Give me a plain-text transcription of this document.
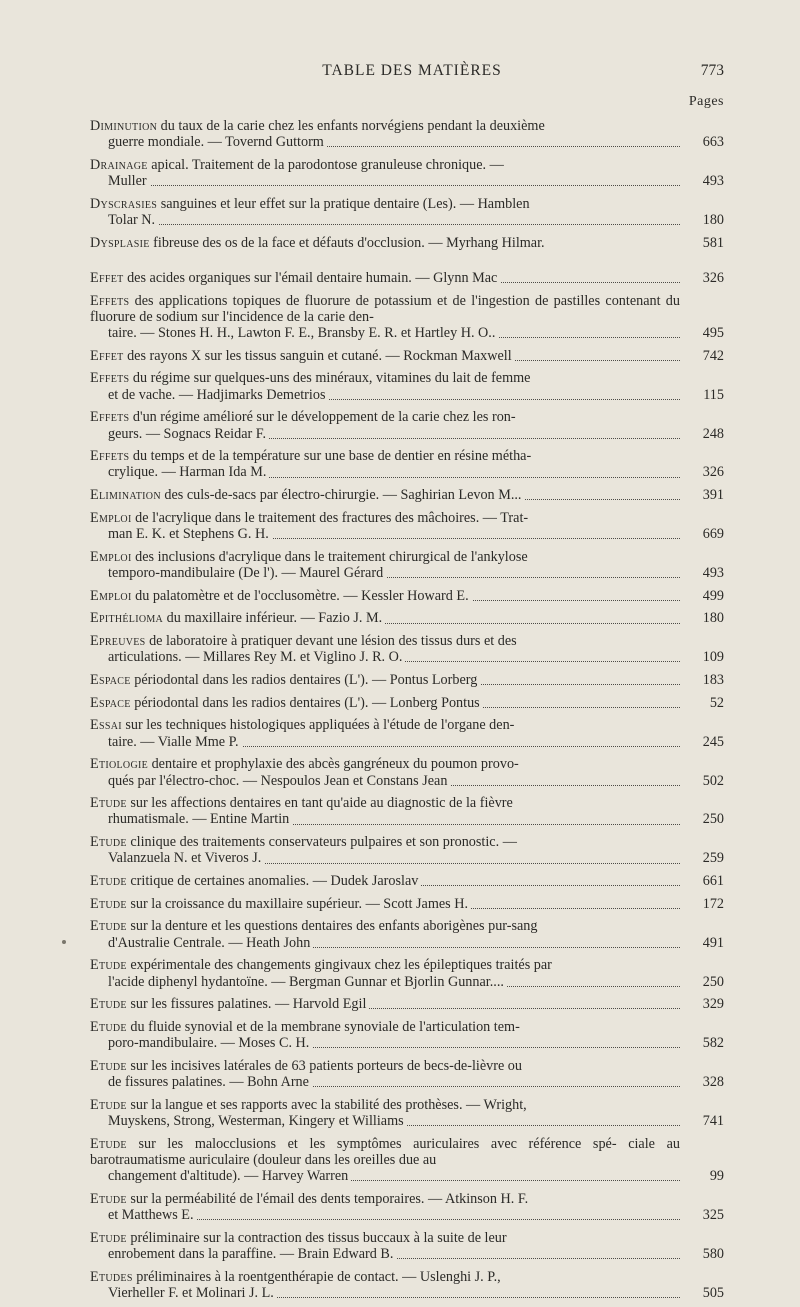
TABLE DES MATIÈRES	773
Pages
Diminution du taux de la carie chez les enfants norvégiens pendant la deuxième
guerre mondiale. — Tovernd Guttorm	663
Drainage apical. Traitement de la parodontose granuleuse chronique. —
Muller	493
Dyscrasies sanguines et leur effet sur la pratique dentaire (Les). — Hamblen
Tolar N.	180
Dysplasie fibreuse des os de la face et défauts d'occlusion. — Myrhang Hilmar.	581
Effet des acides organiques sur l'émail dentaire humain. — Glynn Mac	326
Effets des applications topiques de fluorure de potassium et de l'ingestion de pastilles contenant du fluorure de sodium sur l'incidence de la carie den-
taire. — Stones H. H., Lawton F. E., Bransby E. R. et Hartley H. O..	495
Effet des rayons X sur les tissus sanguin et cutané. — Rockman Maxwell	742
Effets du régime sur quelques-uns des minéraux, vitamines du lait de femme
et de vache. — Hadjimarks Demetrios	115
Effets d'un régime amélioré sur le développement de la carie chez les ron-
geurs. — Sognacs Reidar F.	248
Effets du temps et de la température sur une base de dentier en résine métha-
crylique. — Harman Ida M.	326
Elimination des culs-de-sacs par électro-chirurgie. — Saghirian Levon M...	391
Emploi de l'acrylique dans le traitement des fractures des mâchoires. — Trat-
man E. K. et Stephens G. H.	669
Emploi des inclusions d'acrylique dans le traitement chirurgical de l'ankylose
temporo-mandibulaire (De l'). — Maurel Gérard	493
Emploi du palatomètre et de l'occlusomètre. — Kessler Howard E.	499
Epithélioma du maxillaire inférieur. — Fazio J. M.	180
Epreuves de laboratoire à pratiquer devant une lésion des tissus durs et des
articulations. — Millares Rey M. et Viglino J. R. O.	109
Espace périodontal dans les radios dentaires (L'). — Pontus Lorberg	183
Espace périodontal dans les radios dentaires (L'). — Lonberg Pontus	52
Essai sur les techniques histologiques appliquées à l'étude de l'organe den-
taire. — Vialle Mme P.	245
Etiologie dentaire et prophylaxie des abcès gangréneux du poumon provo-
qués par l'électro-choc. — Nespoulos Jean et Constans Jean	502
Etude sur les affections dentaires en tant qu'aide au diagnostic de la fièvre
rhumatismale. — Entine Martin	250
Etude clinique des traitements conservateurs pulpaires et son pronostic. —
Valanzuela N. et Viveros J.	259
Etude critique de certaines anomalies. — Dudek Jaroslav	661
Etude sur la croissance du maxillaire supérieur. — Scott James H.	172
Etude sur la denture et les questions dentaires des enfants aborigènes pur-sang
d'Australie Centrale. — Heath John	491
Etude expérimentale des changements gingivaux chez les épileptiques traités par
l'acide diphenyl hydantoïne. — Bergman Gunnar et Bjorlin Gunnar....	250
Etude sur les fissures palatines. — Harvold Egil	329
Etude du fluide synovial et de la membrane synoviale de l'articulation tem-
poro-mandibulaire. — Moses C. H.	582
Etude sur les incisives latérales de 63 patients porteurs de becs-de-lièvre ou
de fissures palatines. — Bohn Arne	328
Etude sur la langue et ses rapports avec la stabilité des prothèses. — Wright,
Muyskens, Strong, Westerman, Kingery et Williams	741
Etude sur les malocclusions et les symptômes auriculaires avec référence spé- ciale au barotraumatisme auriculaire (douleur dans les oreilles due au
changement d'altitude). — Harvey Warren	99
Etude sur la perméabilité de l'émail des dents temporaires. — Atkinson H. F.
et Matthews E.	325
Etude préliminaire sur la contraction des tissus buccaux à la suite de leur
enrobement dans la paraffine. — Brain Edward B.	580
Etudes préliminaires à la roentgenthérapie de contact. — Uslenghi J. P.,
Vierheller F. et Molinari J. L.	505
